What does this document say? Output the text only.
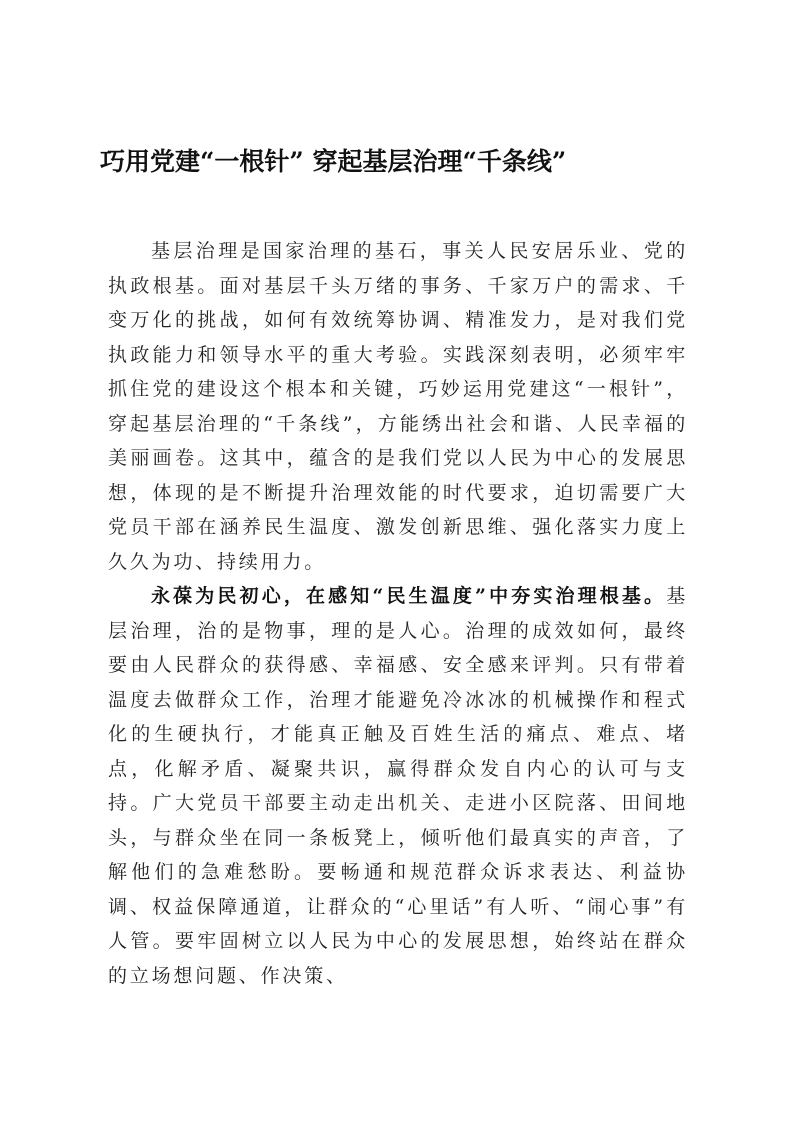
巧用党建“一根针” 穿起基层治理“千条线”

基层治理是国家治理的基石，事关人民安居乐业、党的执政根基。面对基层千头万绪的事务、千家万户的需求、千变万化的挑战，如何有效统筹协调、精准发力，是对我们党执政能力和领导水平的重大考验。实践深刻表明，必须牢牢抓住党的建设这个根本和关键，巧妙运用党建这“一根针”，穿起基层治理的“千条线”，方能绣出社会和谐、人民幸福的美丽画卷。这其中，蕴含的是我们党以人民为中心的发展思想，体现的是不断提升治理效能的时代要求，迫切需要广大党员干部在涵养民生温度、激发创新思维、强化落实力度上久久为功、持续用力。

永葆为民初心，在感知“民生温度”中夯实治理根基。基层治理，治的是物事，理的是人心。治理的成效如何，最终要由人民群众的获得感、幸福感、安全感来评判。只有带着温度去做群众工作，治理才能避免冷冰冰的机械操作和程式化的生硬执行，才能真正触及百姓生活的痛点、难点、堵点，化解矛盾、凝聚共识，赢得群众发自内心的认可与支持。广大党员干部要主动走出机关、走进小区院落、田间地头，与群众坐在同一条板凳上，倾听他们最真实的声音，了解他们的急难愁盼。要畅通和规范群众诉求表达、利益协调、权益保障通道，让群众的“心里话”有人听、“闹心事”有人管。要牢固树立以人民为中心的发展思想，始终站在群众的立场想问题、作决策、
